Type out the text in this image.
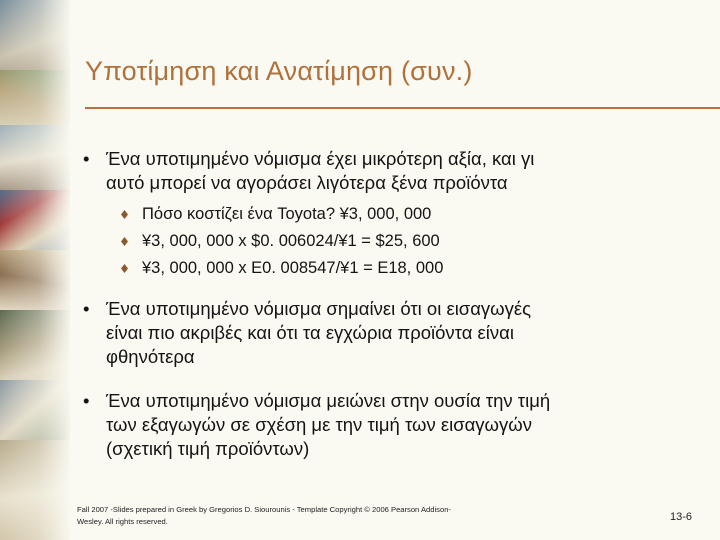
Υποτίμηση και Ανατίμηση (συν.)
• Ένα υποτιμημένο νόμισμα έχει μικρότερη αξία, και γι
αυτό μπορεί να αγοράσει λιγότερα ξένα προϊόντα
Πόσο κοστίζει ένα Toyota? ¥3, 000, 000
¥3, 000, 000 x $0. 006024/¥1 = $25, 600
¥3, 000, 000 x E0. 008547/¥1 = E18, 000
• Ένα υποτιμημένο νόμισμα σημαίνει ότι οι εισαγωγές
είναι πιο ακριβές και ότι τα εγχώρια προϊόντα είναι
φθηνότερα
• Ένα υποτιμημένο νόμισμα μειώνει στην ουσία την τιμή
των εξαγωγών σε σχέση με την τιμή των εισαγωγών
(σχετική τιμή προϊόντων)
Fall 2007 -Slides prepared in Greek by Gregorios D. Siourounis - Template Copyright © 2006 Pearson Addison-
Wesley. All rights reserved.	13-6
